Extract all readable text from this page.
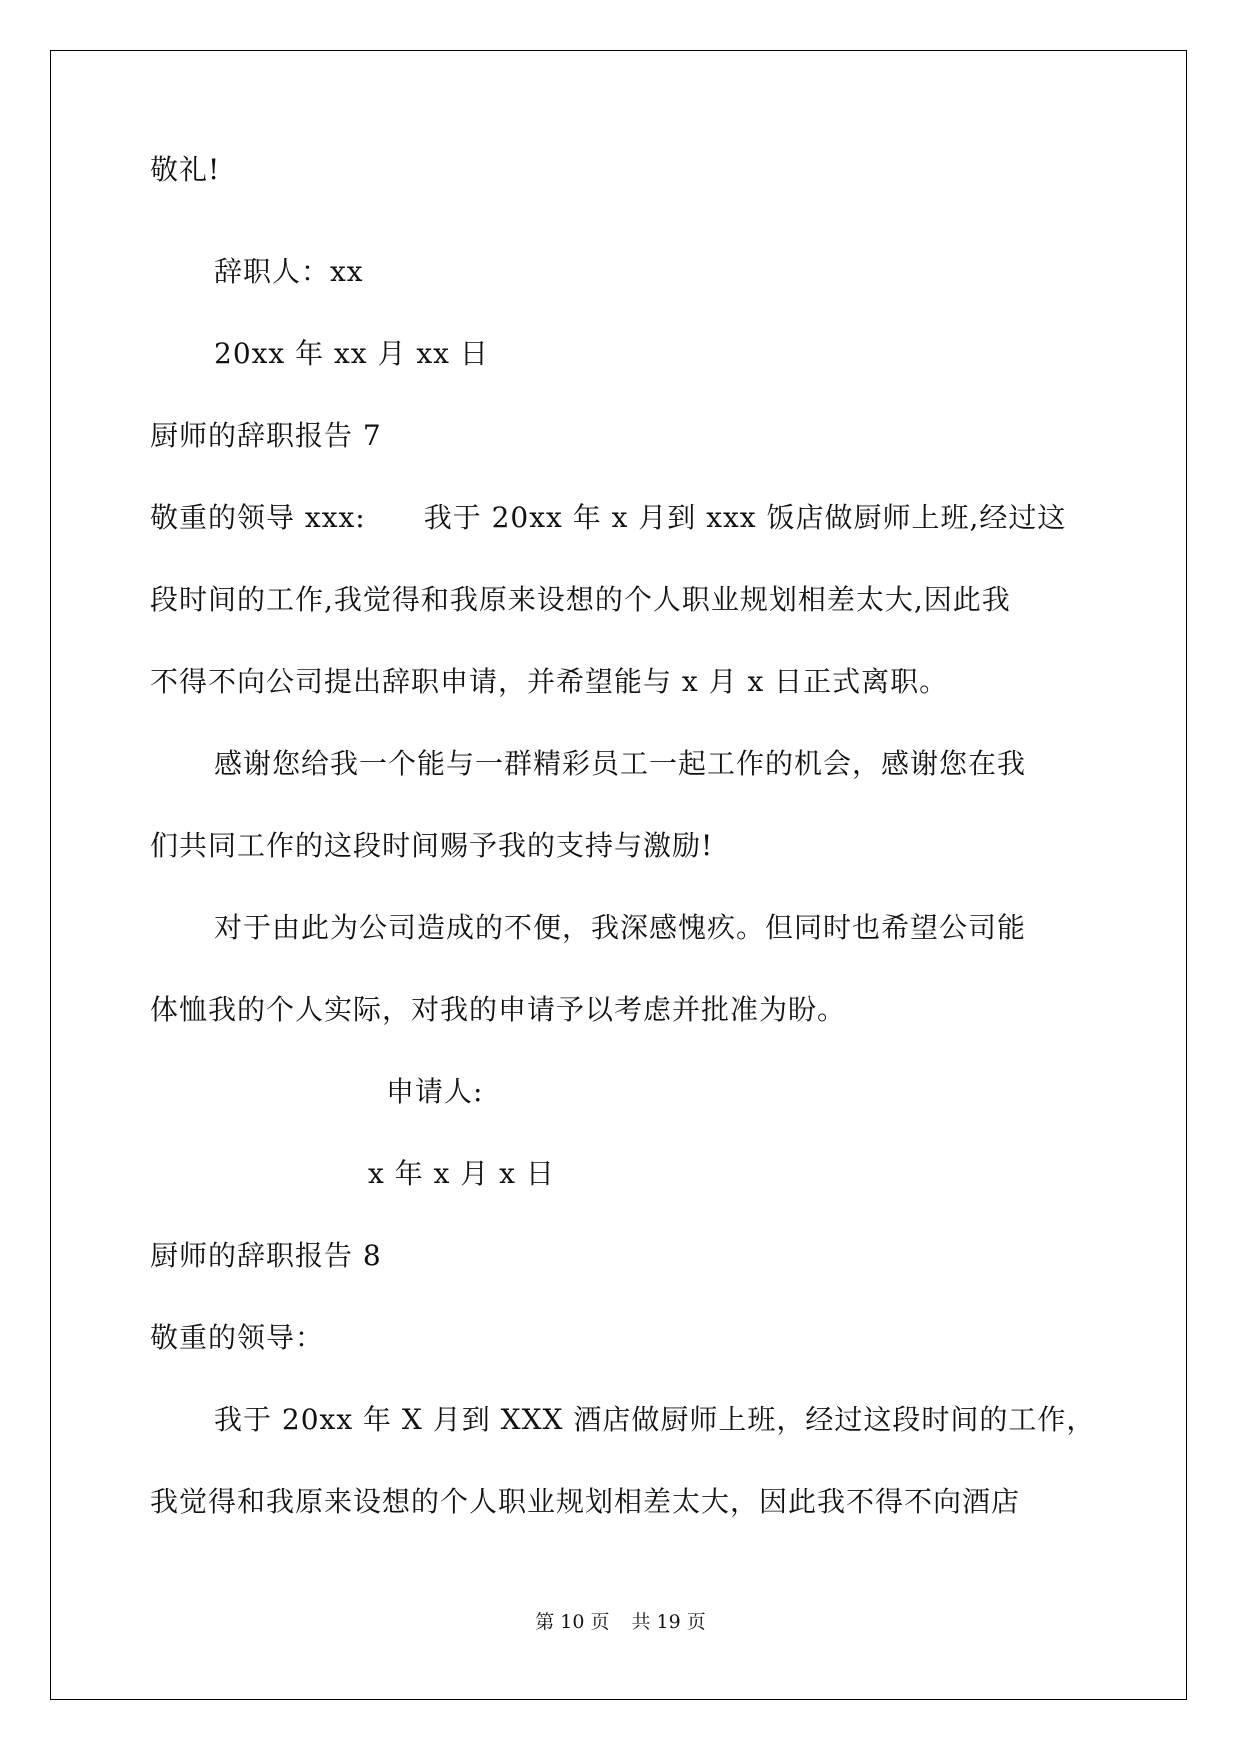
敬礼!
辞职人：xx
20xx 年 xx 月 xx 日
厨师的辞职报告 7
敬重的领导 xxx:　　我于 20xx 年 x 月到 xxx 饭店做厨师上班,经过这
段时间的工作,我觉得和我原来设想的个人职业规划相差太大,因此我
不得不向公司提出辞职申请，并希望能与 x 月 x 日正式离职。
感谢您给我一个能与一群精彩员工一起工作的机会，感谢您在我
们共同工作的这段时间赐予我的支持与激励!
对于由此为公司造成的不便，我深感愧疚。但同时也希望公司能
体恤我的个人实际，对我的申请予以考虑并批准为盼。
申请人:
x 年 x 月 x 日
厨师的辞职报告 8
敬重的领导：
我于 20xx 年 X 月到 XXX 酒店做厨师上班，经过这段时间的工作，
我觉得和我原来设想的个人职业规划相差太大，因此我不得不向酒店
第 10 页 共 19 页
